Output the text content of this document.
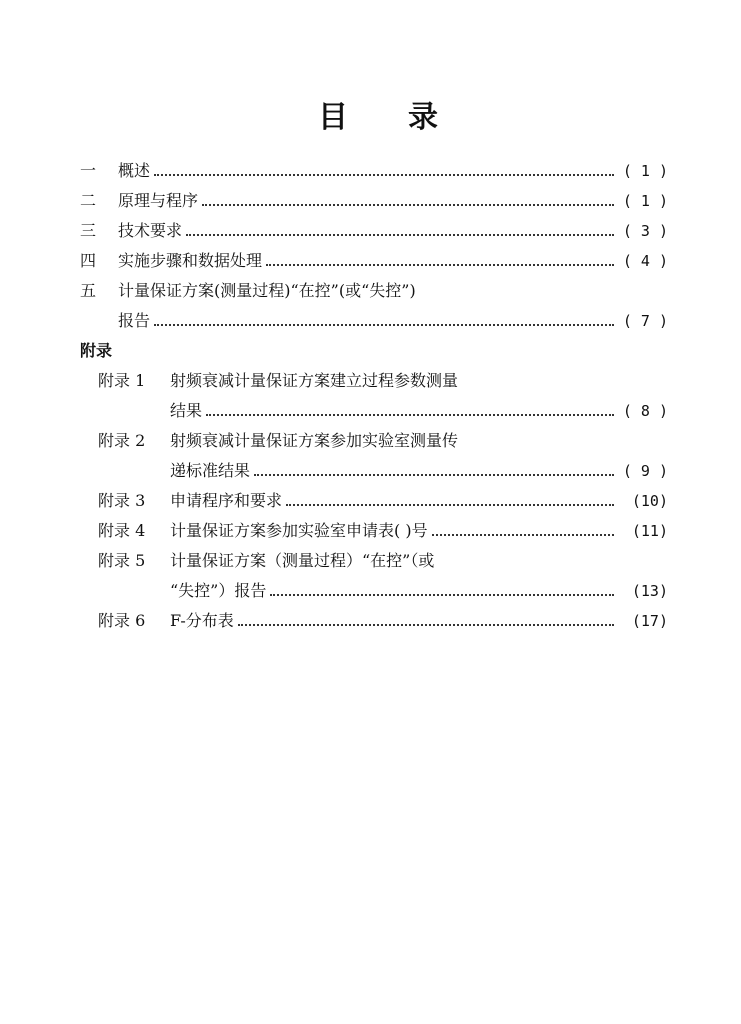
目 录
一	概述	( 1 )
二	原理与程序	( 1 )
三	技术要求	( 3 )
四	实施步骤和数据处理	( 4 )
五	计量保证方案(测量过程)“在控”(或“失控”)
报告	( 7 )
附录
附录 1	射频衰减计量保证方案建立过程参数测量
结果	( 8 )
附录 2	射频衰减计量保证方案参加实验室测量传
递标准结果	( 9 )
附录 3	申请程序和要求	(10)
附录 4	计量保证方案参加实验室申请表( )号	(11)
附录 5	计量保证方案（测量过程）“在控”（或
“失控”）报告	(13)
附录 6	F-分布表	(17)
